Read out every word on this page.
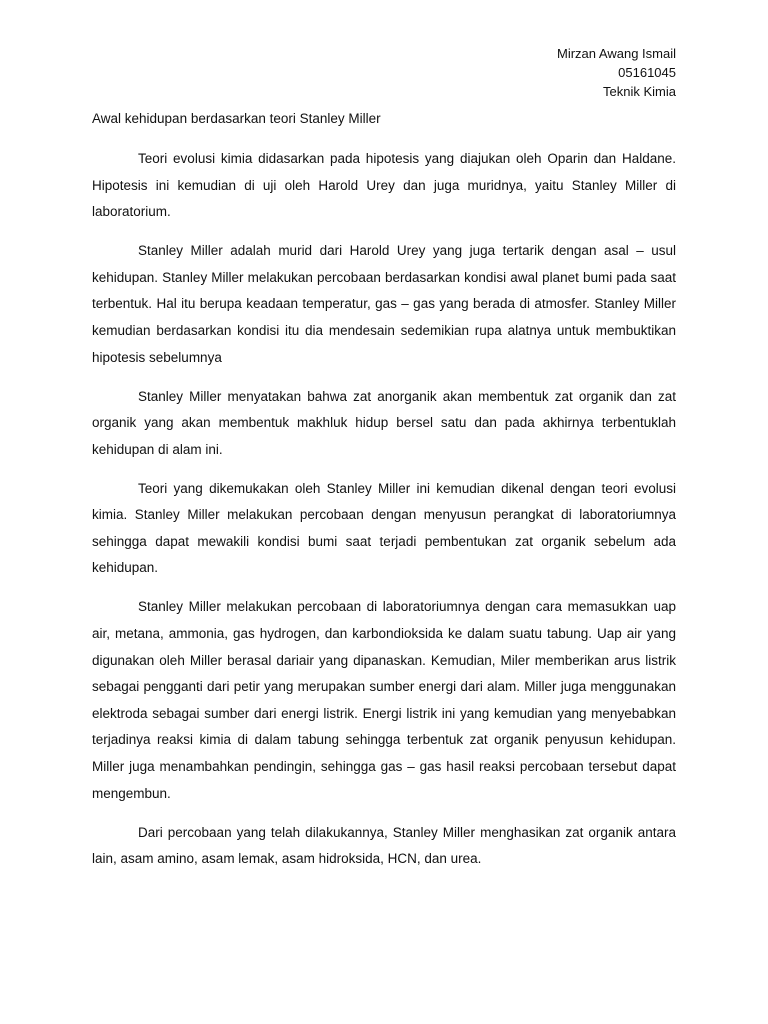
Mirzan Awang Ismail
05161045
Teknik Kimia
Awal kehidupan berdasarkan teori Stanley Miller

Teori evolusi kimia didasarkan pada hipotesis yang diajukan oleh Oparin dan Haldane. Hipotesis ini kemudian di uji oleh Harold Urey dan juga muridnya, yaitu Stanley Miller di laboratorium.

Stanley Miller adalah murid dari Harold Urey yang juga tertarik dengan asal – usul kehidupan. Stanley Miller melakukan percobaan berdasarkan kondisi awal planet bumi pada saat terbentuk. Hal itu berupa keadaan temperatur, gas – gas yang berada di atmosfer. Stanley Miller kemudian berdasarkan kondisi itu dia mendesain sedemikian rupa alatnya untuk membuktikan hipotesis sebelumnya

Stanley Miller menyatakan bahwa zat anorganik akan membentuk zat organik dan zat organik yang akan membentuk makhluk hidup bersel satu dan pada akhirnya terbentuklah kehidupan di alam ini.

Teori yang dikemukakan oleh Stanley Miller ini kemudian dikenal dengan teori evolusi kimia. Stanley Miller melakukan percobaan dengan menyusun perangkat di laboratoriumnya sehingga dapat mewakili kondisi bumi saat terjadi pembentukan zat organik sebelum ada kehidupan.

Stanley Miller melakukan percobaan di laboratoriumnya dengan cara memasukkan uap air, metana, ammonia, gas hydrogen, dan karbondioksida ke dalam suatu tabung. Uap air yang digunakan oleh Miller berasal dariair yang dipanaskan. Kemudian, Miler memberikan arus listrik sebagai pengganti dari petir yang merupakan sumber energi dari alam. Miller juga menggunakan elektroda sebagai sumber dari energi listrik. Energi listrik ini yang kemudian yang menyebabkan terjadinya reaksi kimia di dalam tabung sehingga terbentuk zat organik penyusun kehidupan. Miller juga menambahkan pendingin, sehingga gas – gas hasil reaksi percobaan tersebut dapat mengembun.

Dari percobaan yang telah dilakukannya, Stanley Miller menghasikan zat organik antara lain, asam amino, asam lemak, asam hidroksida, HCN, dan urea.
